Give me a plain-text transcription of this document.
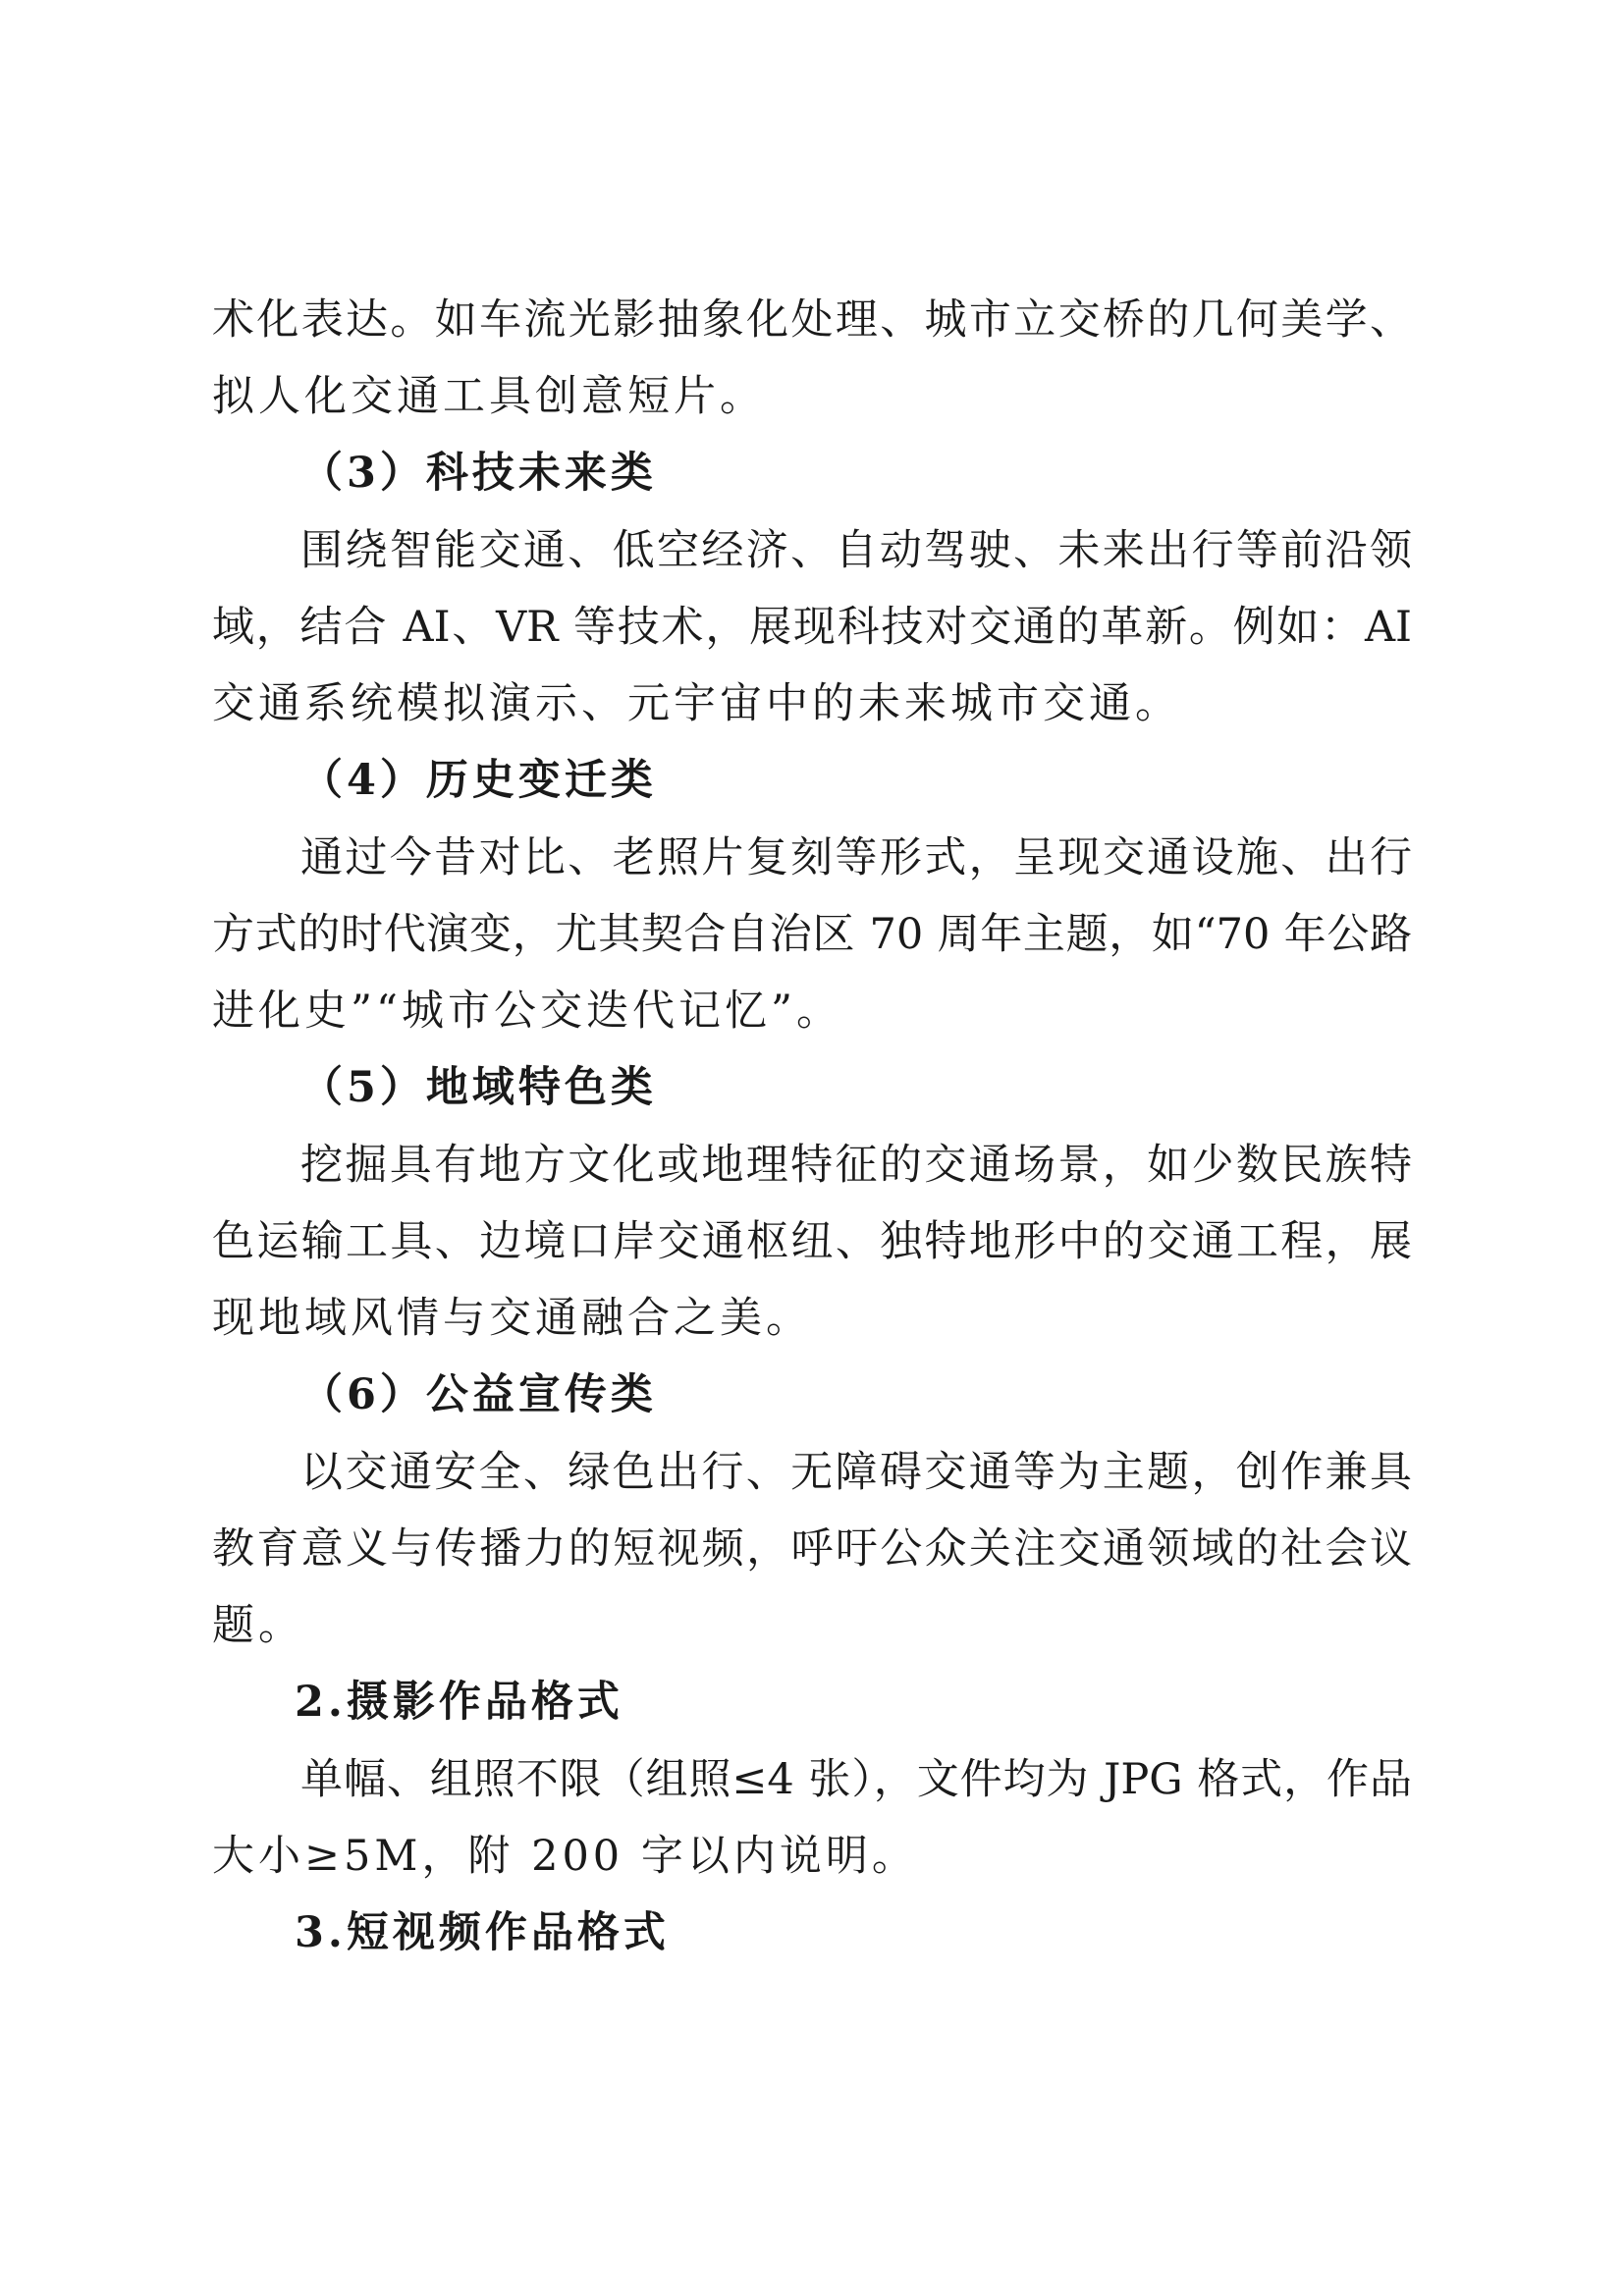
术化表达。如车流光影抽象化处理、城市立交桥的几何美学、
拟人化交通工具创意短片。
（3）科技未来类
围绕智能交通、低空经济、自动驾驶、未来出行等前沿领
域，结合 AI、VR 等技术，展现科技对交通的革新。例如：AI
交通系统模拟演示、元宇宙中的未来城市交通。
（4）历史变迁类
通过今昔对比、老照片复刻等形式，呈现交通设施、出行
方式的时代演变，尤其契合自治区 70 周年主题，如“70 年公路
进化史”“城市公交迭代记忆”。
（5）地域特色类
挖掘具有地方文化或地理特征的交通场景，如少数民族特
色运输工具、边境口岸交通枢纽、独特地形中的交通工程，展
现地域风情与交通融合之美。
（6）公益宣传类
以交通安全、绿色出行、无障碍交通等为主题，创作兼具
教育意义与传播力的短视频，呼吁公众关注交通领域的社会议
题。
2.摄影作品格式
单幅、组照不限（组照≤4 张），文件均为 JPG 格式，作品
大小≥5M，附 200 字以内说明。
3.短视频作品格式
